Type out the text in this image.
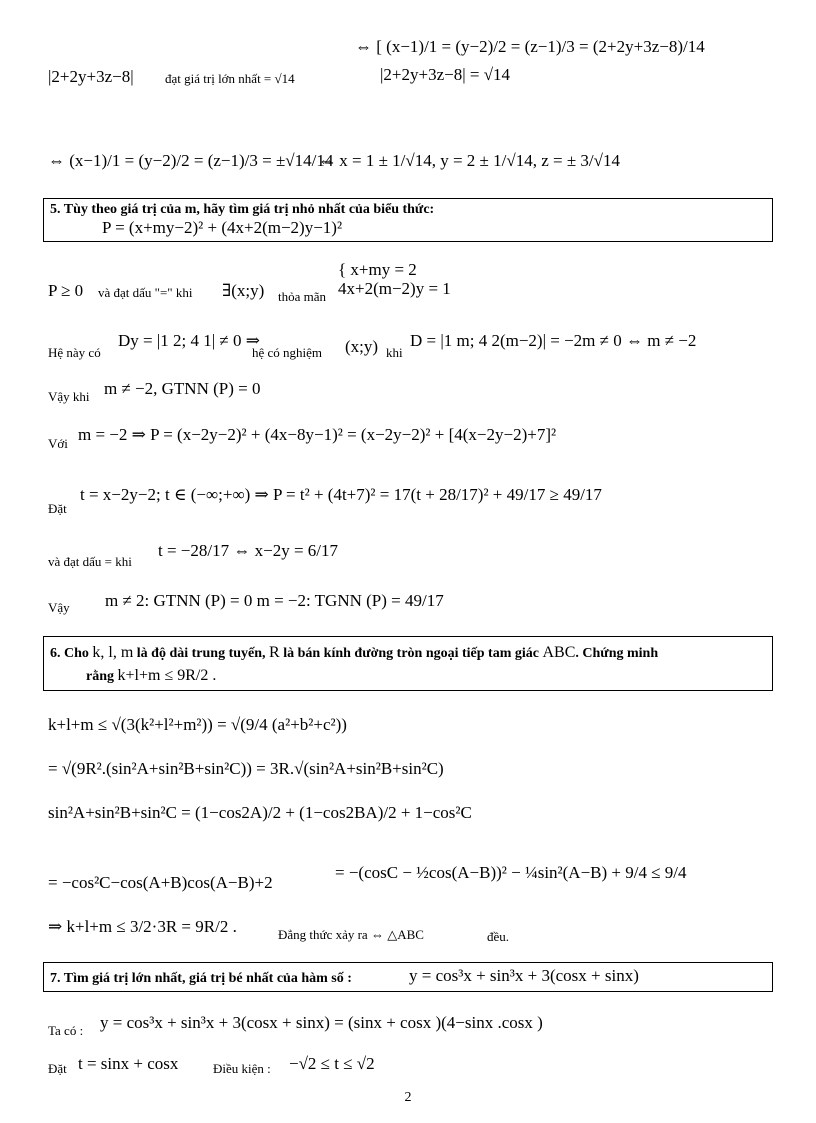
|2+2y+3z−8| đạt giá trị lớn nhất = √14
⇔ [ (x−1)/1 = (y−2)/2 = (z−1)/3 = (2+2y+3z−8)/14
|2+2y+3z−8| = √14
⇔ (x−1)/1 = (y−2)/2 = (z−1)/3 = ±√14/14
⇔ x = 1 ± 1/√14, y = 2 ± 1/√14, z = ± 3/√14
5. Tùy theo giá trị của m, hãy tìm giá trị nhỏ nhất của biểu thức:
P = (x+my−2)² + (4x+2(m−2)y−1)²
P ≥ 0 và đạt dấu "=" khi ∃(x;y) thỏa mãn
{ x+my = 2
4x+2(m−2)y = 1
Hệ này có
Dy = |1 2; 4 1| ≠ 0 ⇒
hệ có nghiệm (x;y) khi
D = |1 m; 4 2(m−2)| = −2m ≠ 0 ⇔ m ≠ −2
Vậy khi m ≠ −2, GTNN (P) = 0
Với m = −2 ⇒ P = (x−2y−2)² + (4x−8y−1)² = (x−2y−2)² + [4(x−2y−2)+7]²
Đặt
t = x−2y−2; t ∈ (−∞;+∞) ⇒ P = t² + (4t+7)² = 17(t + 28/17)² + 49/17 ≥ 49/17
và đạt dấu = khi
t = −28/17 ⇔ x−2y = 6/17
Vậy m ≠ 2: GTNN (P) = 0 m = −2: TGNN (P) = 49/17
6. Cho k, l, m là độ dài trung tuyến, R là bán kính đường tròn ngoại tiếp tam giác ABC. Chứng minh
rằng k+l+m ≤ 9R/2 .
k+l+m ≤ √(3(k²+l²+m²)) = √(9/4 (a²+b²+c²))
= √(9R².(sin²A+sin²B+sin²C)) = 3R.√(sin²A+sin²B+sin²C)
sin²A+sin²B+sin²C = (1−cos2A)/2 + (1−cos2BA)/2 + 1−cos²C
= −cos²C−cos(A+B)cos(A−B)+2
= −(cosC − ½cos(A−B))² − ¼sin²(A−B) + 9/4 ≤ 9/4
⇒ k+l+m ≤ 3/2·3R = 9R/2 .	Đẳng thức xảy ra ⇔ △ABC	đều.
7. Tìm giá trị lớn nhất, giá trị bé nhất của hàm số :	y = cos³x + sin³x + 3(cosx + sinx)
Ta có : y = cos³x + sin³x + 3(cosx + sinx) = (sinx + cosx )(4−sinx .cosx )
Đặt t = sinx + cosx	Điều kiện : −√2 ≤ t ≤ √2
2
